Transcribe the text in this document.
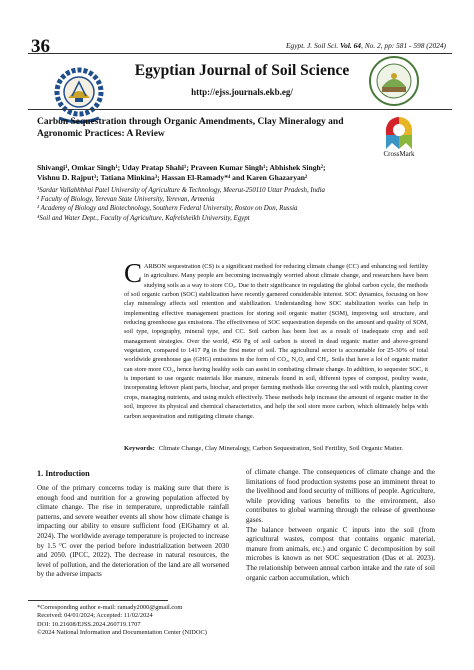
36	Egypt. J. Soil Sci. Vol. 64, No. 2, pp: 581 - 598 (2024)
Egyptian Journal of Soil Science
http://ejss.journals.ekb.eg/
Carbon Sequestration through Organic Amendments, Clay Mineralogy and Agronomic Practices: A Review
CrossMark
Shivangi¹, Omkar Singh¹; Uday Pratap Shahi¹; Praveen Kumar Singh¹; Abhishek Singh²;
Vishnu D. Rajput³; Tatiana Minkina³; Hassan El-Ramady*⁴ and Karen Ghazaryan²
¹Sardar Vallabhbhai Patel University of Agriculture & Technology, Meerut-250110 Uttar Pradesh, India
² Faculty of Biology, Yerevan State University, Yerevan, Armenia
³ Academy of Biology and Biotechnology, Southern Federal University, Rostov on Don, Russia
⁴Soil and Water Dept., Faculty of Agriculture, Kafrelsheikh University, Egypt
CARBON sequestration (CS) is a significant method for reducing climate change (CC) and enhancing soil fertility in agriculture. Many people are becoming increasingly worried about climate change, and researchers have been studying soils as a way to store CO₂. Due to their significance in regulating the global carbon cycle, the methods of soil organic carbon (SOC) stabilization have recently garnered considerable interest. SOC dynamics, focusing on how clay mineralogy affects soil retention and stabilization. Understanding how SOC stabilization works can help in implementing effective management practices for storing soil organic matter (SOM), improving soil structure, and reducing greenhouse gas emissions. The effectiveness of SOC sequestration depends on the amount and quality of SOM, soil type, topography, mineral type, and CC. Soil carbon has been lost as a result of inadequate crop and soil management strategies. Over the world, 456 Pg of soil carbon is stored in dead organic matter and above-ground vegetation, compared to 1417 Pg in the first meter of soil. The agricultural sector is accountable for 25-30% of total worldwide greenhouse gas (GHG) emissions in the form of CO₂, N₂O, and CH₄. Soils that have a lot of organic matter can store more CO₂, hence having healthy soils can assist in combating climate change. In addition, to sequester SOC, it is important to use organic materials like manure, minerals found in soil, different types of compost, poultry waste, incorporating leftover plant parts, biochar, and proper farming methods like covering the soil with mulch, planting cover crops, managing nutrients, and using mulch effectively. These methods help increase the amount of organic matter in the soil, improve its physical and chemical characteristics, and help the soil store more carbon, which ultimately helps with carbon sequestration and mitigating climate change.
Keywords: Climate Change, Clay Mineralogy, Carbon Sequestration, Soil Fertility, Soil Organic Matter.
1. Introduction

One of the primary concerns today is making sure that there is enough food and nutrition for a growing population affected by climate change. The rise in temperature, unpredictable rainfall patterns, and severe weather events all show how climate change is impacting our ability to ensure sufficient food (ElGhamry et al. 2024). The worldwide average temperature is projected to increase by 1.5 °C over the period before industrialization between 2030 and 2050. (IPCC, 2022). The decrease in natural resources, the level of pollution, and the deterioration of the land are all worsened by the adverse impacts

of climate change. The consequences of climate change and the limitations of food production systems pose an imminent threat to the livelihood and food security of millions of people. Agriculture, while providing various benefits to the environment, also contributes to global warming through the release of greenhouse gases.

The balance between organic C inputs into the soil (from agricultural wastes, compost that contains organic material, manure from animals, etc.) and organic C decomposition by soil microbes is known as net SOC sequestration (Das et al. 2023). The relationship between annual carbon intake and the rate of soil organic carbon accumulation, which

*Corresponding author e-mail: ramady2000@gmail.com
Received: 04/01/2024; Accepted: 11/02/2024
DOI: 10.21608/EJSS.2024.260719.1707
©2024 National Information and Documentation Center (NIDOC)
